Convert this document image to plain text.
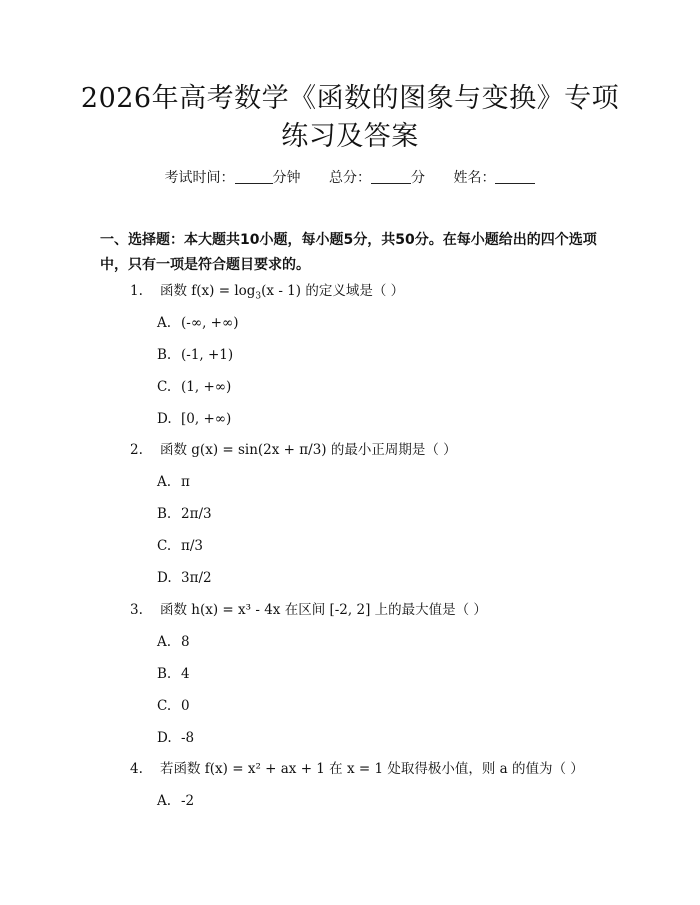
2026年高考数学《函数的图象与变换》专项
练习及答案
考试时间：	分钟 总分：	分 姓名：
一、选择题：本大题共10小题，每小题5分，共50分。在每小题给出的四个选项中，只有一项是符合题目要求的。
1. 函数 $f(x) = \log_3(x - 1)$ 的定义域是（ ）
A. (-∞, +∞)
B. (-1, +1)
C. (1, +∞)
D. [0, +∞)
2. 函数 g(x) = sin(2x + π/3) 的最小正周期是（ ）
A. π
B. 2π/3
C. π/3
D. 3π/2
3. 函数 h(x) = x³ - 4x 在区间 [-2, 2] 上的最大值是（ ）
A. 8
B. 4
C. 0
D. -8
4. 若函数 f(x) = x² + ax + 1 在 x = 1 处取得极小值，则 a 的值为（ ）
A. -2
